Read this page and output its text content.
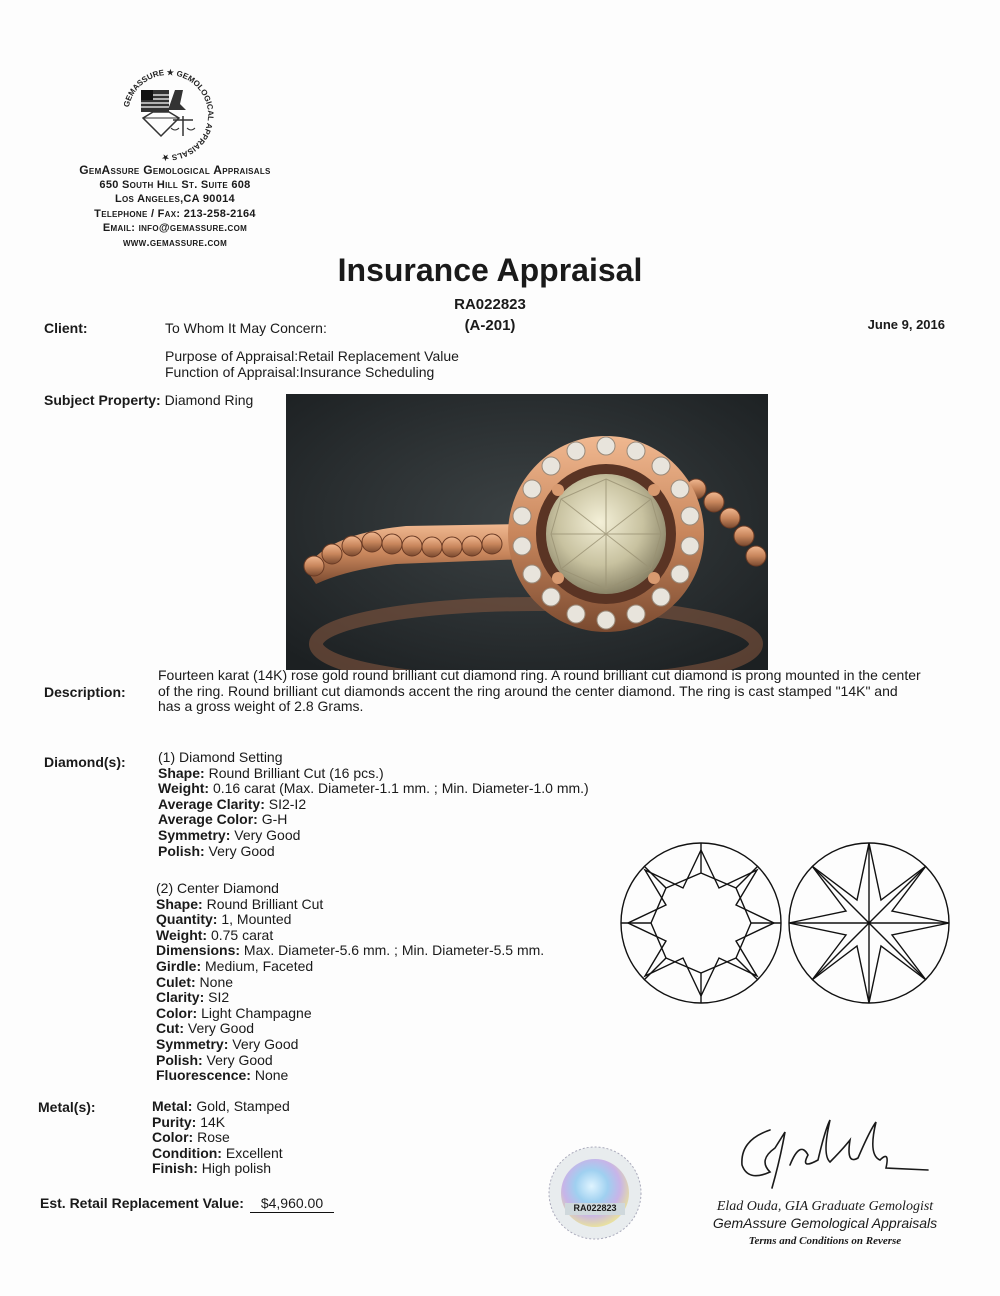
GEMASSURE ★ GEMOLOGICAL APPRAISALS ★
GemAssure Gemological Appraisals
650 South Hill St. Suite 608
Los Angeles,CA 90014
Telephone / Fax: 213-258-2164
Email: info@gemassure.com
www.gemassure.com
Insurance Appraisal
RA022823
(A-201)	June 9, 2016
Client:	To Whom It May Concern:
Purpose of Appraisal:Retail Replacement Value
Function of Appraisal:Insurance Scheduling
Subject Property: Diamond Ring
Description:
Fourteen karat (14K) rose gold round brilliant cut diamond ring. A round brilliant cut diamond is prong mounted in the center
of the ring. Round brilliant cut diamonds accent the ring around the center diamond. The ring is cast stamped "14K" and
has a gross weight of 2.8 Grams.
Diamond(s): (1) Diamond Setting
Shape: Round Brilliant Cut (16 pcs.)
Weight: 0.16 carat (Max. Diameter-1.1 mm. ; Min. Diameter-1.0 mm.)
Average Clarity: SI2-I2
Average Color: G-H
Symmetry: Very Good
Polish: Very Good
(2) Center Diamond
Shape: Round Brilliant Cut
Quantity: 1, Mounted
Weight: 0.75 carat
Dimensions: Max. Diameter-5.6 mm. ; Min. Diameter-5.5 mm.
Girdle: Medium, Faceted
Culet: None
Clarity: SI2
Color: Light Champagne
Cut: Very Good
Symmetry: Very Good
Polish: Very Good
Fluorescence: None
Metal(s):	Metal: Gold, Stamped
Purity: 14K
Color: Rose
Condition: Excellent
Finish: High polish
Est. Retail Replacement Value:	$4,960.00	RA022823	Elad Ouda, GIA Graduate Gemologist
GemAssure Gemological Appraisals
Terms and Conditions on Reverse
